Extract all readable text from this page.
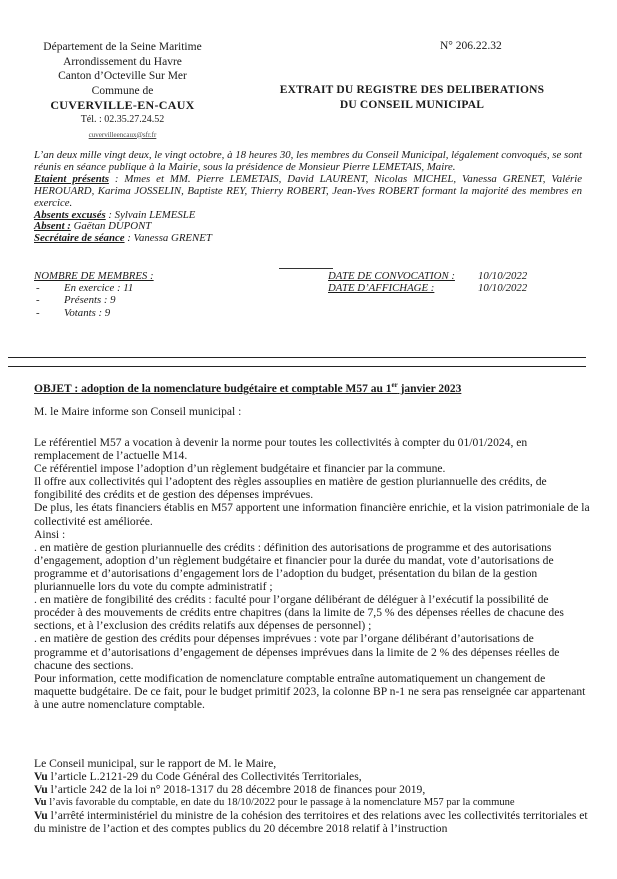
Département de la Seine Maritime
Arrondissement du Havre
Canton d’Octeville Sur Mer
Commune de
CUVERVILLE-EN-CAUX
Tél. : 02.35.27.24.52
cuvervilleencaux@sfr.fr
N° 206.22.32
EXTRAIT DU REGISTRE DES DELIBERATIONS
DU CONSEIL MUNICIPAL
L’an deux mille vingt deux, le vingt octobre, à 18 heures 30, les membres du Conseil Municipal, légalement convoqués, se sont réunis en séance publique à la Mairie, sous la présidence de Monsieur Pierre LEMETAIS, Maire.
Etaient présents : Mmes et MM. Pierre LEMETAIS, David LAURENT, Nicolas MICHEL, Vanessa GRENET, Valérie HEROUARD, Karima JOSSELIN, Baptiste REY, Thierry ROBERT, Jean-Yves ROBERT formant la majorité des membres en exercice.
Absents excusés : Sylvain LEMESLE
Absent : Gaëtan DUPONT
Secrétaire de séance : Vanessa GRENET
NOMBRE DE MEMBRES :
- En exercice : 11
- Présents : 9
- Votants : 9
DATE DE CONVOCATION : 10/10/2022
DATE D’AFFICHAGE :	10/10/2022
OBJET : adoption de la nomenclature budgétaire et comptable M57 au 1er janvier 2023

M. le Maire informe son Conseil municipal :

Le référentiel M57 a vocation à devenir la norme pour toutes les collectivités à compter du 01/01/2024, en remplacement de l’actuelle M14.

Ce référentiel impose l’adoption d’un règlement budgétaire et financier par la commune.

Il offre aux collectivités qui l’adoptent des règles assouplies en matière de gestion pluriannuelle des crédits, de fongibilité des crédits et de gestion des dépenses imprévues.

De plus, les états financiers établis en M57 apportent une information financière enrichie, et la vision patrimoniale de la collectivité est améliorée.

Ainsi :

. en matière de gestion pluriannuelle des crédits : définition des autorisations de programme et des autorisations d’engagement, adoption d’un règlement budgétaire et financier pour la durée du mandat, vote d’autorisations de programme et d’autorisations d’engagement lors de l’adoption du budget, présentation du bilan de la gestion pluriannuelle lors du vote du compte administratif ;

. en matière de fongibilité des crédits : faculté pour l’organe délibérant de déléguer à l’exécutif la possibilité de procéder à des mouvements de crédits entre chapitres (dans la limite de 7,5 % des dépenses réelles de chacune des sections, et à l’exclusion des crédits relatifs aux dépenses de personnel) ;

. en matière de gestion des crédits pour dépenses imprévues : vote par l’organe délibérant d’autorisations de programme et d’autorisations d’engagement de dépenses imprévues dans la limite de 2 % des dépenses réelles de chacune des sections.

Pour information, cette modification de nomenclature comptable entraîne automatiquement un changement de maquette budgétaire. De ce fait, pour le budget primitif 2023, la colonne BP n-1 ne sera pas renseignée car appartenant à une autre nomenclature comptable.

Le Conseil municipal, sur le rapport de M. le Maire,

Vu l’article L.2121-29 du Code Général des Collectivités Territoriales,

Vu l’article 242 de la loi n° 2018-1317 du 28 décembre 2018 de finances pour 2019,

Vu l’avis favorable du comptable, en date du 18/10/2022 pour le passage à la nomenclature M57 par la commune

Vu l’arrêté interministériel du ministre de la cohésion des territoires et des relations avec les collectivités territoriales et du ministre de l’action et des comptes publics du 20 décembre 2018 relatif à l’instruction
